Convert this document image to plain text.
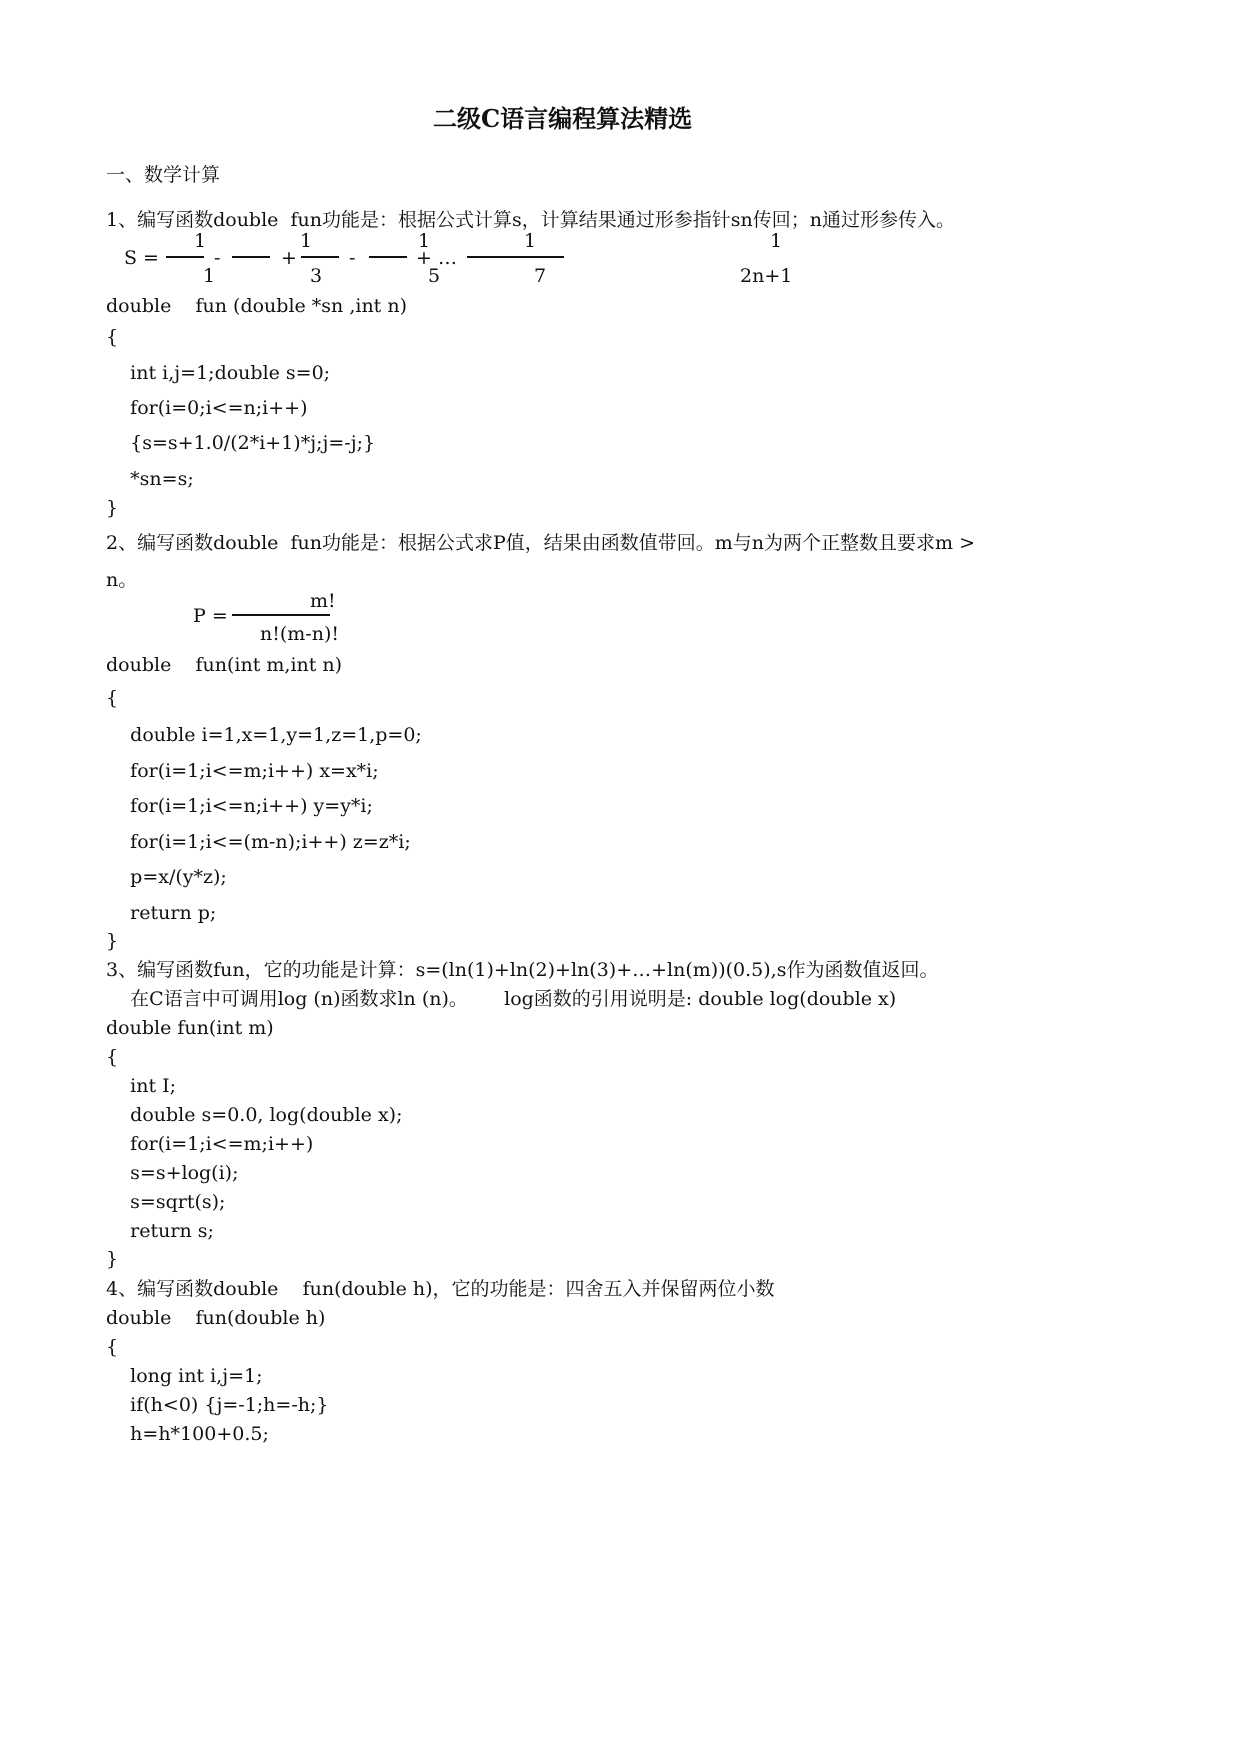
二级C语言编程算法精选
一、数学计算
1、编写函数double  fun功能是：根据公式计算s，计算结果通过形参指针sn传回；n通过形参传入。
S =
1
1
-
1
3
+	-
1
5
+ …
1
7
1
2n+1
double    fun (double *sn ,int n)
{
int i,j=1;double s=0;
for(i=0;i<=n;i++)
{s=s+1.0/(2*i+1)*j;j=-j;}
*sn=s;
}
2、编写函数double  fun功能是：根据公式求P值，结果由函数值带回。m与n为两个正整数且要求m >
n。
P =
m!
n!(m-n)!
double    fun(int m,int n)
{
double i=1,x=1,y=1,z=1,p=0;
for(i=1;i<=m;i++) x=x*i;
for(i=1;i<=n;i++) y=y*i;
for(i=1;i<=(m-n);i++) z=z*i;
p=x/(y*z);
return p;
}
3、编写函数fun，它的功能是计算：s=(ln(1)+ln(2)+ln(3)+…+ln(m))(0.5),s作为函数值返回。
在C语言中可调用log (n)函数求ln (n)。      log函数的引用说明是: double log(double x)
double fun(int m)
{
int I;
double s=0.0, log(double x);
for(i=1;i<=m;i++)
s=s+log(i);
s=sqrt(s);
return s;
}
4、编写函数double    fun(double h)，它的功能是：四舍五入并保留两位小数
double    fun(double h)
{
long int i,j=1;
if(h<0) {j=-1;h=-h;}
h=h*100+0.5;
